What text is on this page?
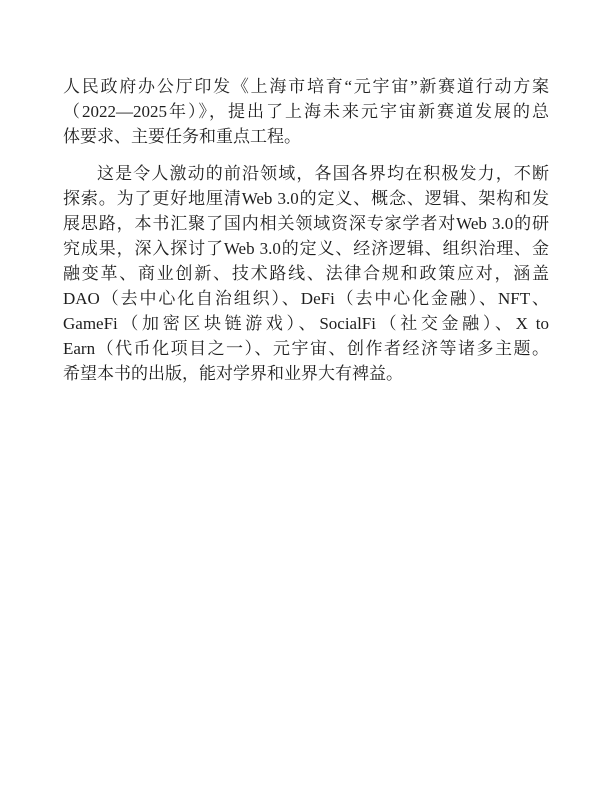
人民政府办公厅印发《上海市培育“元宇宙”新赛道行动方案
（2022—2025年）》，提出了上海未来元宇宙新赛道发展的总
体要求、主要任务和重点工程。
这是令人激动的前沿领域，各国各界均在积极发力，不断
探索。为了更好地厘清Web 3.0的定义、概念、逻辑、架构和发
展思路，本书汇聚了国内相关领域资深专家学者对Web 3.0的研
究成果，深入探讨了Web 3.0的定义、经济逻辑、组织治理、金
融变革、商业创新、技术路线、法律合规和政策应对，涵盖
DAO（去中心化自治组织）、DeFi（去中心化金融）、NFT、
GameFi（加密区块链游戏）、SocialFi（社交金融）、X to
Earn（代币化项目之一）、元宇宙、创作者经济等诸多主题。
希望本书的出版，能对学界和业界大有裨益。
